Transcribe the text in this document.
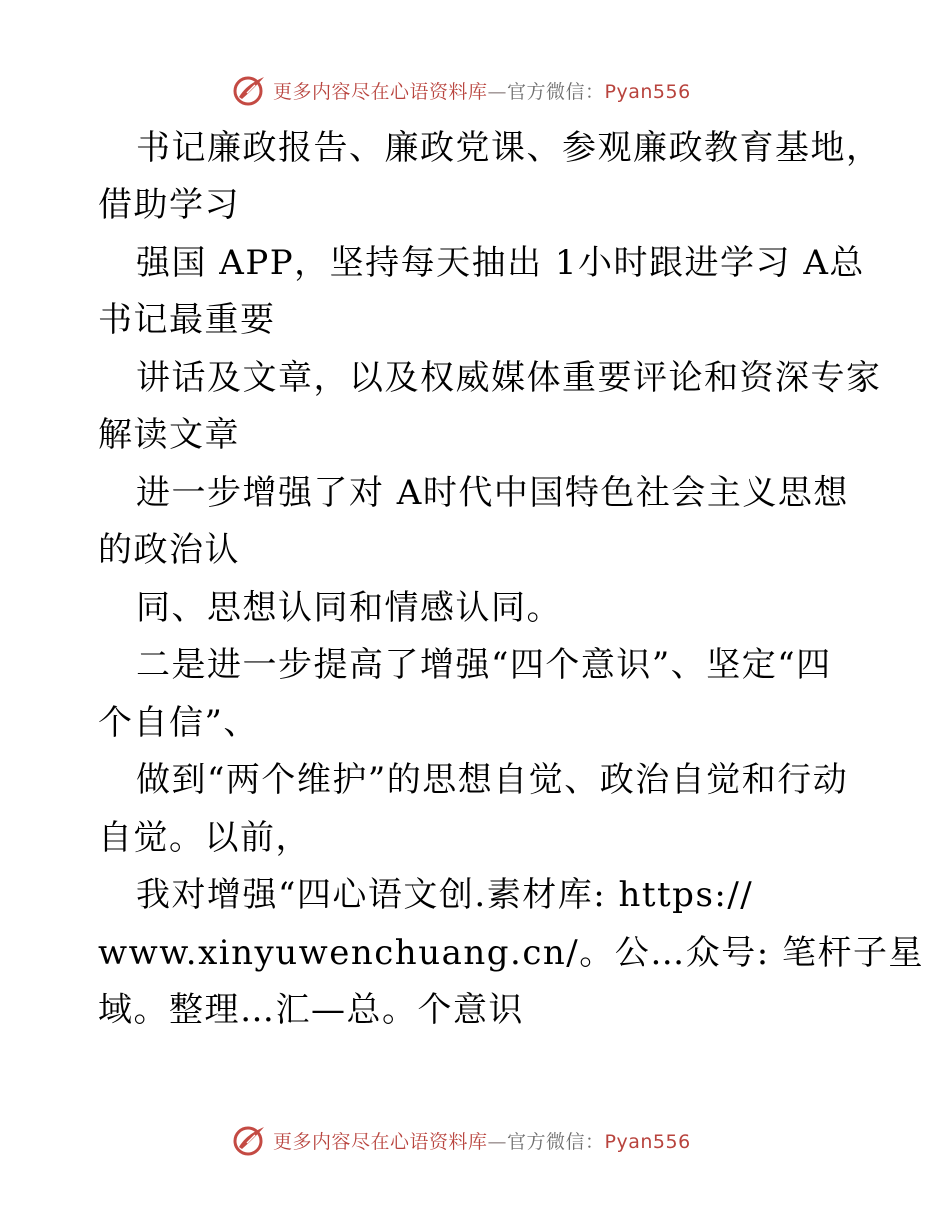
更多内容尽在心语资料库—官方微信：Pyan556
书记廉政报告、廉政党课、参观廉政教育基地，
借助学习
强国 APP，坚持每天抽出 1小时跟进学习 A总
书记最重要
讲话及文章，以及权威媒体重要评论和资深专家
解读文章
进一步增强了对 A时代中国特色社会主义思想
的政治认
同、思想认同和情感认同。
二是进一步提高了增强“四个意识”、坚定“四
个自信”、
做到“两个维护”的思想自觉、政治自觉和行动
自觉。以前，
我对增强“四心语文创.素材库: https://
www.xinyuwenchuang.cn/。公…众号: 笔杆子星
域。整理…汇—总。个意识
更多内容尽在心语资料库—官方微信：Pyan556
